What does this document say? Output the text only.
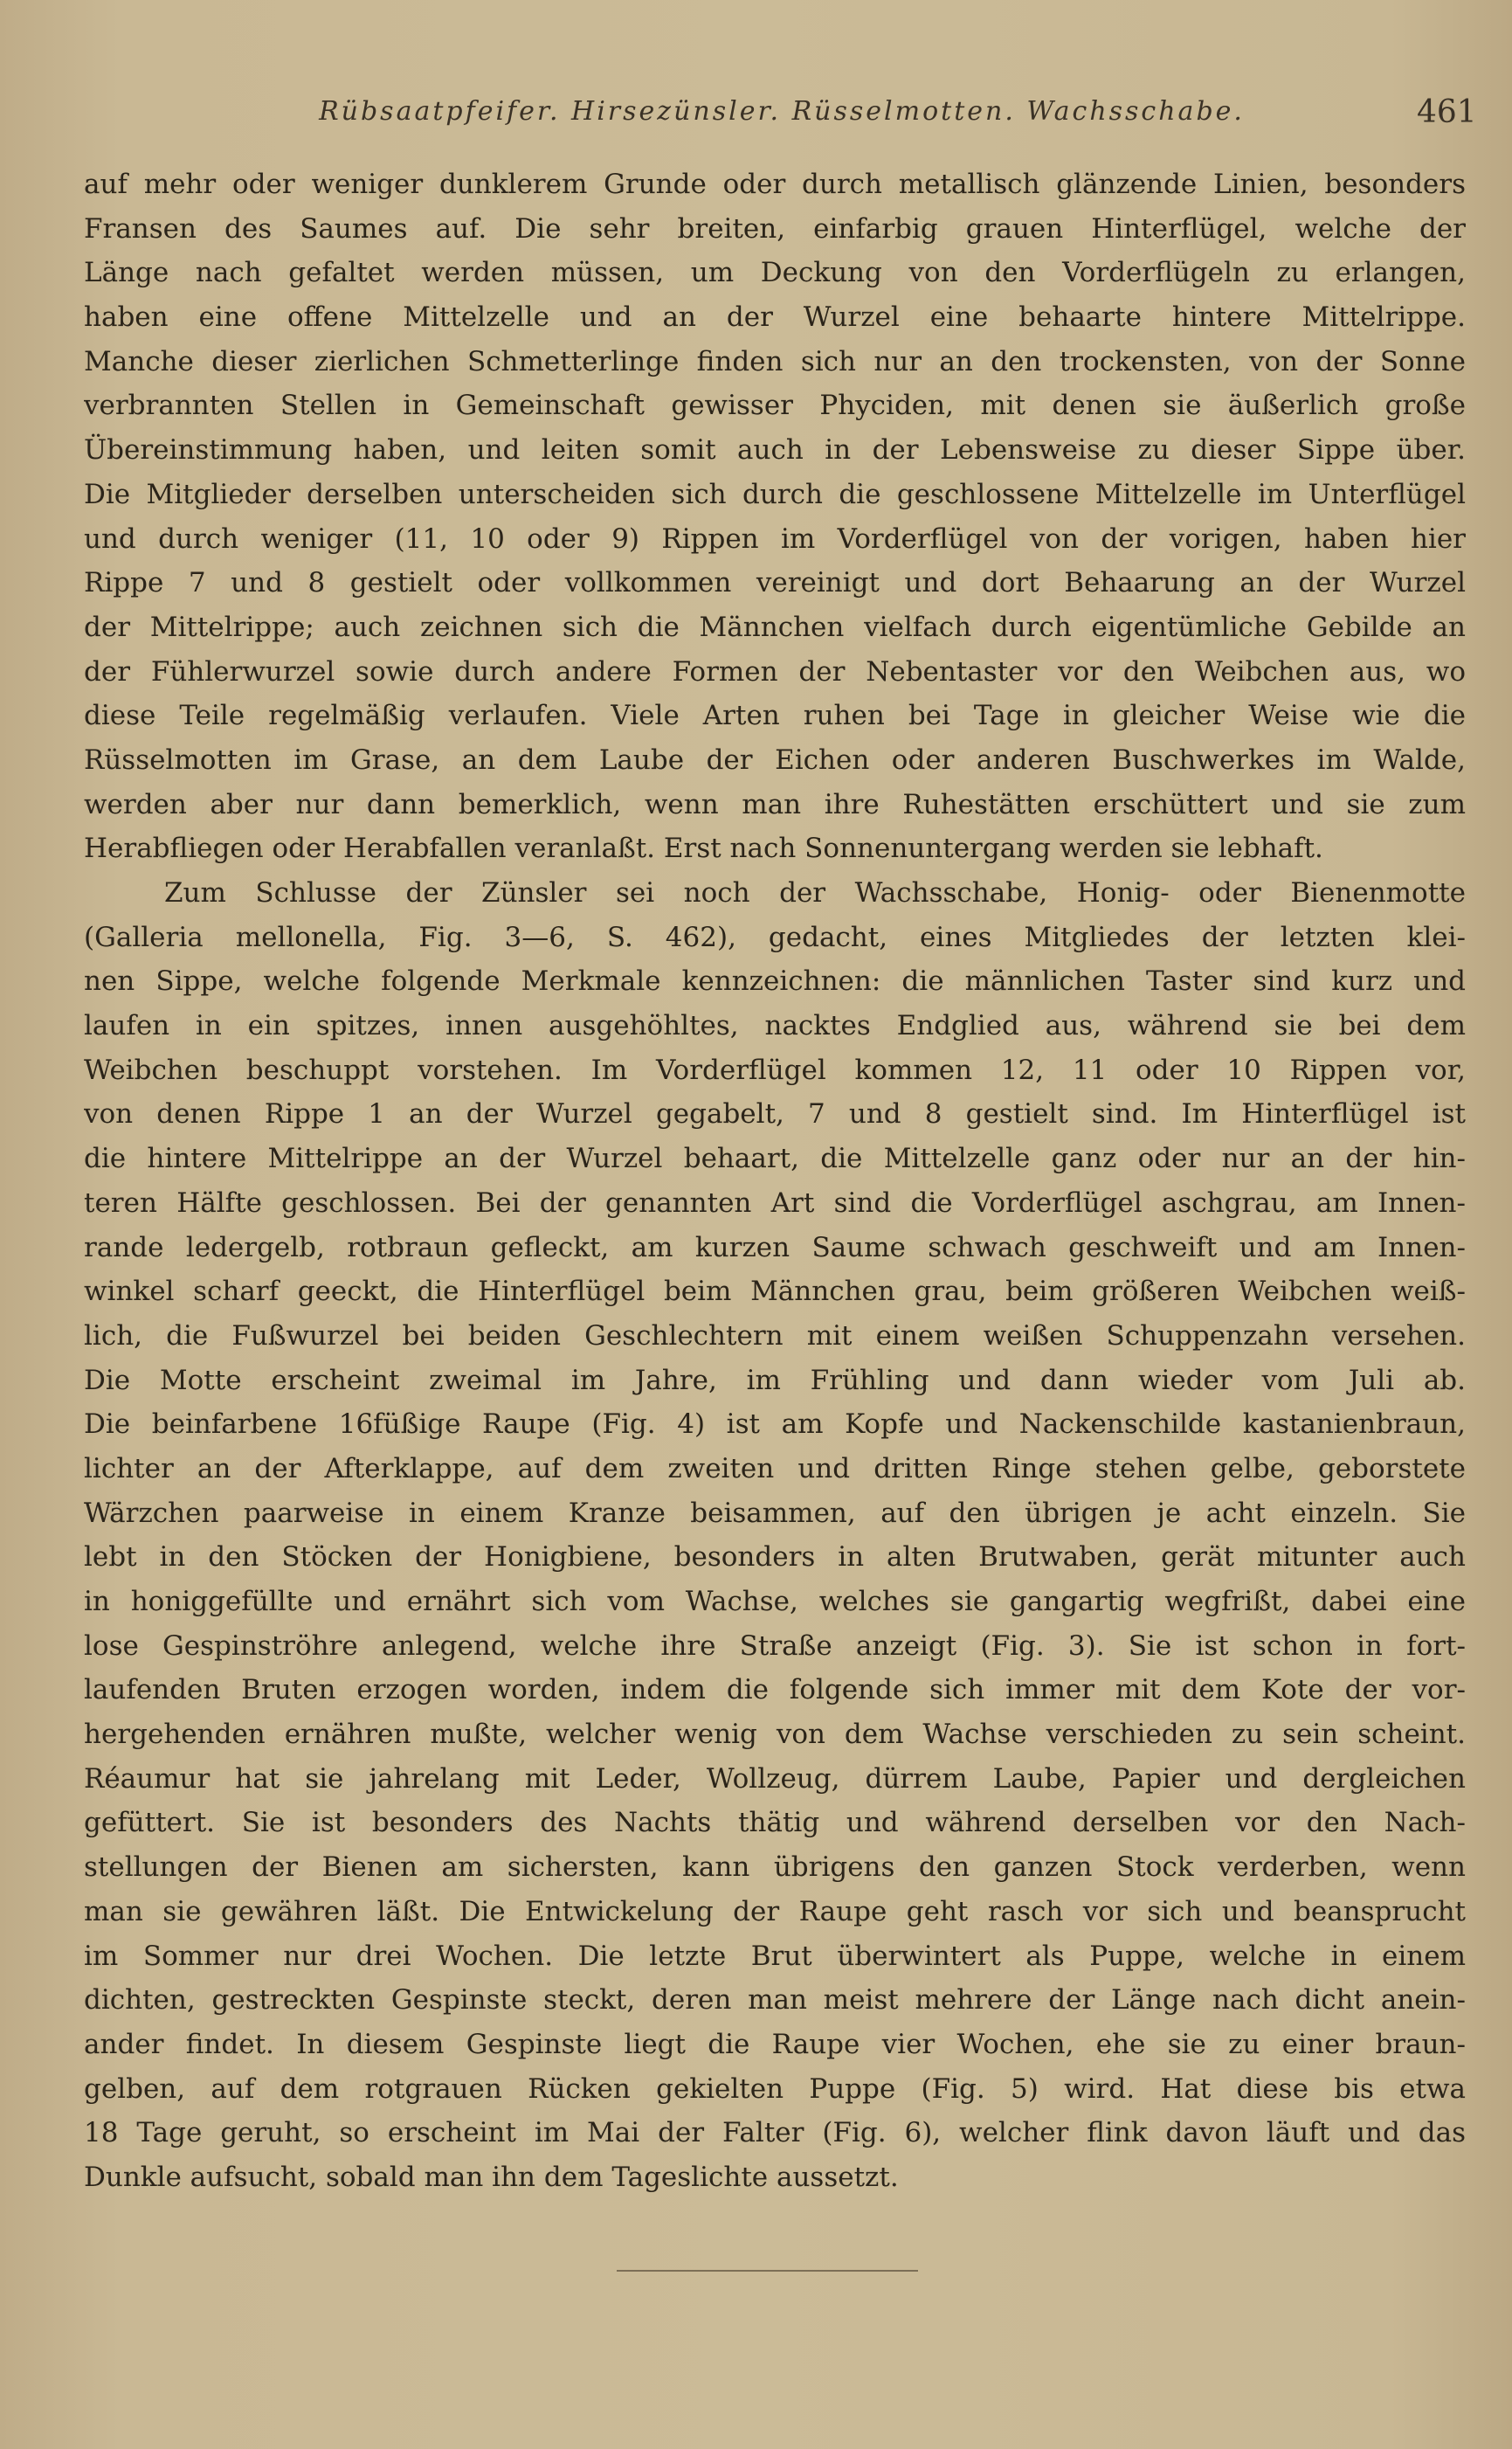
Rübsaatpfeifer. Hirsezünsler. Rüsselmotten. Wachsschabe.	461
auf mehr oder weniger dunklerem Grunde oder durch metallisch glänzende Linien, besonders
Fransen des Saumes auf. Die sehr breiten, einfarbig grauen Hinterflügel, welche der
Länge nach gefaltet werden müssen, um Deckung von den Vorderflügeln zu erlangen,
haben eine offene Mittelzelle und an der Wurzel eine behaarte hintere Mittelrippe.
Manche dieser zierlichen Schmetterlinge finden sich nur an den trockensten, von der Sonne
verbrannten Stellen in Gemeinschaft gewisser Phyciden, mit denen sie äußerlich große
Übereinstimmung haben, und leiten somit auch in der Lebensweise zu dieser Sippe über.
Die Mitglieder derselben unterscheiden sich durch die geschlossene Mittelzelle im Unterflügel
und durch weniger (11, 10 oder 9) Rippen im Vorderflügel von der vorigen, haben hier
Rippe 7 und 8 gestielt oder vollkommen vereinigt und dort Behaarung an der Wurzel
der Mittelrippe; auch zeichnen sich die Männchen vielfach durch eigentümliche Gebilde an
der Fühlerwurzel sowie durch andere Formen der Nebentaster vor den Weibchen aus, wo
diese Teile regelmäßig verlaufen. Viele Arten ruhen bei Tage in gleicher Weise wie die
Rüsselmotten im Grase, an dem Laube der Eichen oder anderen Buschwerkes im Walde,
werden aber nur dann bemerklich, wenn man ihre Ruhestätten erschüttert und sie zum
Herabfliegen oder Herabfallen veranlaßt. Erst nach Sonnenuntergang werden sie lebhaft.
Zum Schlusse der Zünsler sei noch der Wachsschabe, Honig- oder Bienenmotte
(Galleria mellonella, Fig. 3—6, S. 462), gedacht, eines Mitgliedes der letzten klei-
nen Sippe, welche folgende Merkmale kennzeichnen: die männlichen Taster sind kurz und
laufen in ein spitzes, innen ausgehöhltes, nacktes Endglied aus, während sie bei dem
Weibchen beschuppt vorstehen. Im Vorderflügel kommen 12, 11 oder 10 Rippen vor,
von denen Rippe 1 an der Wurzel gegabelt, 7 und 8 gestielt sind. Im Hinterflügel ist
die hintere Mittelrippe an der Wurzel behaart, die Mittelzelle ganz oder nur an der hin-
teren Hälfte geschlossen. Bei der genannten Art sind die Vorderflügel aschgrau, am Innen-
rande ledergelb, rotbraun gefleckt, am kurzen Saume schwach geschweift und am Innen-
winkel scharf geeckt, die Hinterflügel beim Männchen grau, beim größeren Weibchen weiß-
lich, die Fußwurzel bei beiden Geschlechtern mit einem weißen Schuppenzahn versehen.
Die Motte erscheint zweimal im Jahre, im Frühling und dann wieder vom Juli ab.
Die beinfarbene 16füßige Raupe (Fig. 4) ist am Kopfe und Nackenschilde kastanienbraun,
lichter an der Afterklappe, auf dem zweiten und dritten Ringe stehen gelbe, geborstete
Wärzchen paarweise in einem Kranze beisammen, auf den übrigen je acht einzeln. Sie
lebt in den Stöcken der Honigbiene, besonders in alten Brutwaben, gerät mitunter auch
in honiggefüllte und ernährt sich vom Wachse, welches sie gangartig wegfrißt, dabei eine
lose Gespinströhre anlegend, welche ihre Straße anzeigt (Fig. 3). Sie ist schon in fort-
laufenden Bruten erzogen worden, indem die folgende sich immer mit dem Kote der vor-
hergehenden ernähren mußte, welcher wenig von dem Wachse verschieden zu sein scheint.
Réaumur hat sie jahrelang mit Leder, Wollzeug, dürrem Laube, Papier und dergleichen
gefüttert. Sie ist besonders des Nachts thätig und während derselben vor den Nach-
stellungen der Bienen am sichersten, kann übrigens den ganzen Stock verderben, wenn
man sie gewähren läßt. Die Entwickelung der Raupe geht rasch vor sich und beansprucht
im Sommer nur drei Wochen. Die letzte Brut überwintert als Puppe, welche in einem
dichten, gestreckten Gespinste steckt, deren man meist mehrere der Länge nach dicht anein-
ander findet. In diesem Gespinste liegt die Raupe vier Wochen, ehe sie zu einer braun-
gelben, auf dem rotgrauen Rücken gekielten Puppe (Fig. 5) wird. Hat diese bis etwa
18 Tage geruht, so erscheint im Mai der Falter (Fig. 6), welcher flink davon läuft und das
Dunkle aufsucht, sobald man ihn dem Tageslichte aussetzt.
